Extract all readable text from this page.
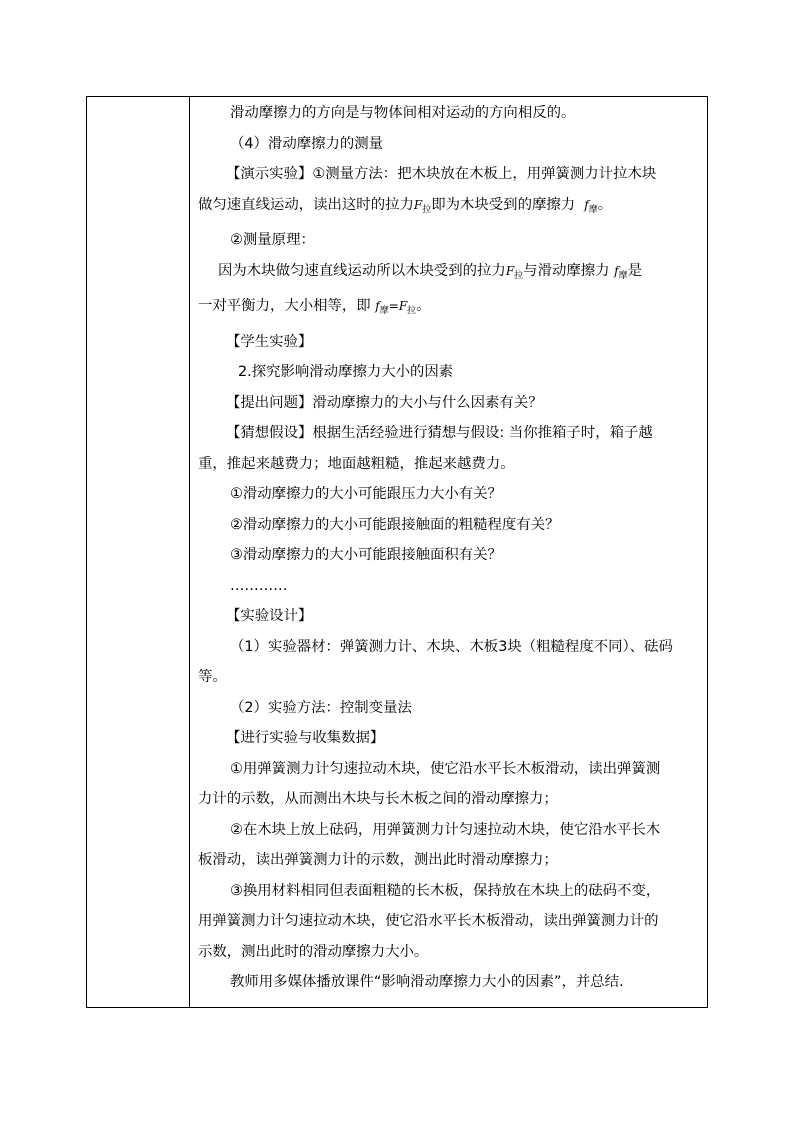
滑动摩擦力的方向是与物体间相对运动的方向相反的。

（4）滑动摩擦力的测量

【演示实验】①测量方法：把木块放在木板上，用弹簧测力计拉木块

做匀速直线运动，读出这时的拉力$F_拉$即为木块受到的摩擦力 $f_摩$。

②测量原理：

因为木块做匀速直线运动所以木块受到的拉力$F_拉$与滑动摩擦力 $f_摩$是

一对平衡力，大小相等，即 $f_摩=F_拉$。

【学生实验】

2.探究影响滑动摩擦力大小的因素

【提出问题】滑动摩擦力的大小与什么因素有关？

【猜想假设】根据生活经验进行猜想与假设: 当你推箱子时，箱子越

重，推起来越费力；地面越粗糙，推起来越费力。

①滑动摩擦力的大小可能跟压力大小有关？

②滑动摩擦力的大小可能跟接触面的粗糙程度有关？

③滑动摩擦力的大小可能跟接触面积有关？

…………

【实验设计】

（1）实验器材：弹簧测力计、木块、木板3块（粗糙程度不同）、砝码

等。

（2）实验方法：控制变量法

【进行实验与收集数据】

①用弹簧测力计匀速拉动木块，使它沿水平长木板滑动，读出弹簧测

力计的示数，从而测出木块与长木板之间的滑动摩擦力；

②在木块上放上砝码，用弹簧测力计匀速拉动木块，使它沿水平长木

板滑动，读出弹簧测力计的示数，测出此时滑动摩擦力；

③换用材料相同但表面粗糙的长木板，保持放在木块上的砝码不变，

用弹簧测力计匀速拉动木块，使它沿水平长木板滑动，读出弹簧测力计的

示数，测出此时的滑动摩擦力大小。

教师用多媒体播放课件“影响滑动摩擦力大小的因素”，并总结.
